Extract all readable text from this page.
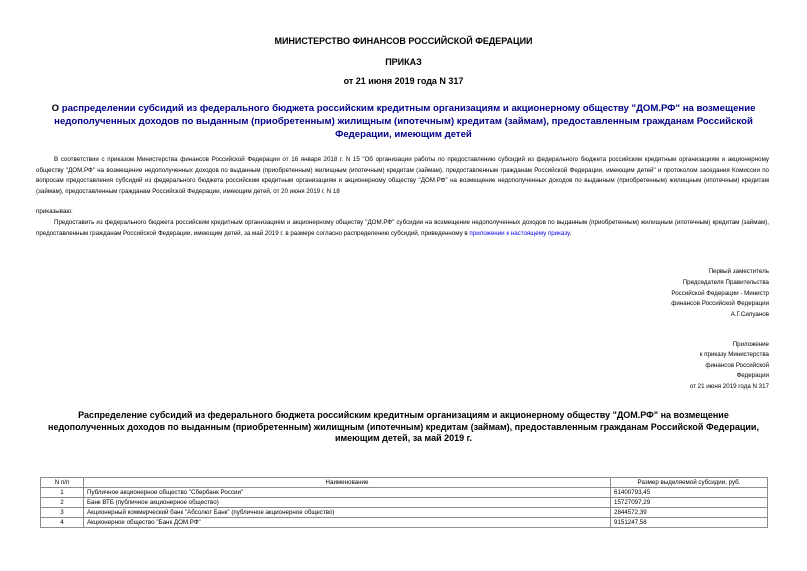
МИНИСТЕРСТВО ФИНАНСОВ РОССИЙСКОЙ ФЕДЕРАЦИИ
ПРИКАЗ
от 21 июня 2019 года N 317
О распределении субсидий из федерального бюджета российским кредитным организациям и акционерному обществу "ДОМ.РФ" на возмещение недополученных доходов по выданным (приобретенным) жилищным (ипотечным) кредитам (займам), предоставленным гражданам Российской Федерации, имеющим детей
В соответствии с приказом Министерства финансов Российской Федерации от 16 января 2018 г. N 15 "Об организации работы по предоставлению субсидий из федерального бюджета российским кредитным организациям и акционерному обществу "ДОМ.РФ" на возмещение недополученных доходов по выданным (приобретенным) жилищным (ипотечным) кредитам (займам), предоставленным гражданам Российской Федерации, имеющим детей" и протоколом заседания Комиссии по вопросам предоставления субсидий из федерального бюджета российским кредитным организациям и акционерному обществу "ДОМ.РФ" на возмещение недополученных доходов по выданным (приобретенным) жилищным (ипотечным) кредитам (займам), предоставленным гражданам Российской Федерации, имеющим детей, от 20 июня 2019 г. N 18
приказываю:
Предоставить из федерального бюджета российским кредитным организациям и акционерному обществу "ДОМ.РФ" субсидии на возмещение недополученных доходов по выданным (приобретенным) жилищным (ипотечным) кредитам (займам), предоставленным гражданам Российской Федерации, имеющим детей, за май 2019 г. в размере согласно распределению субсидий, приведенному в приложении к настоящему приказу.
Первый заместитель
Председателя Правительства
Российской Федерации - Министр
финансов Российской Федерации
А.Г.Силуанов
Приложение
к приказу Министерства
финансов Российской
Федерации
от 21 июня 2019 года N 317
Распределение субсидий из федерального бюджета российским кредитным организациям и акционерному обществу "ДОМ.РФ" на возмещение недополученных доходов по выданным (приобретенным) жилищным (ипотечным) кредитам (займам), предоставленным гражданам Российской Федерации, имеющим детей, за май 2019 г.
N п/п	Наименование	Размер выделяемой субсидии, руб.
1	Публичное акционерное общество "Сбербанк России"	61400793,45
2	Банк ВТБ (публичное акционерное общество)	15727097,29
3	Акционерный коммерческий банк "Абсолют Банк" (публичное акционерное общество)	2844572,39
4	Акционерное общество "Банк ДОМ.РФ"	9151247,58
